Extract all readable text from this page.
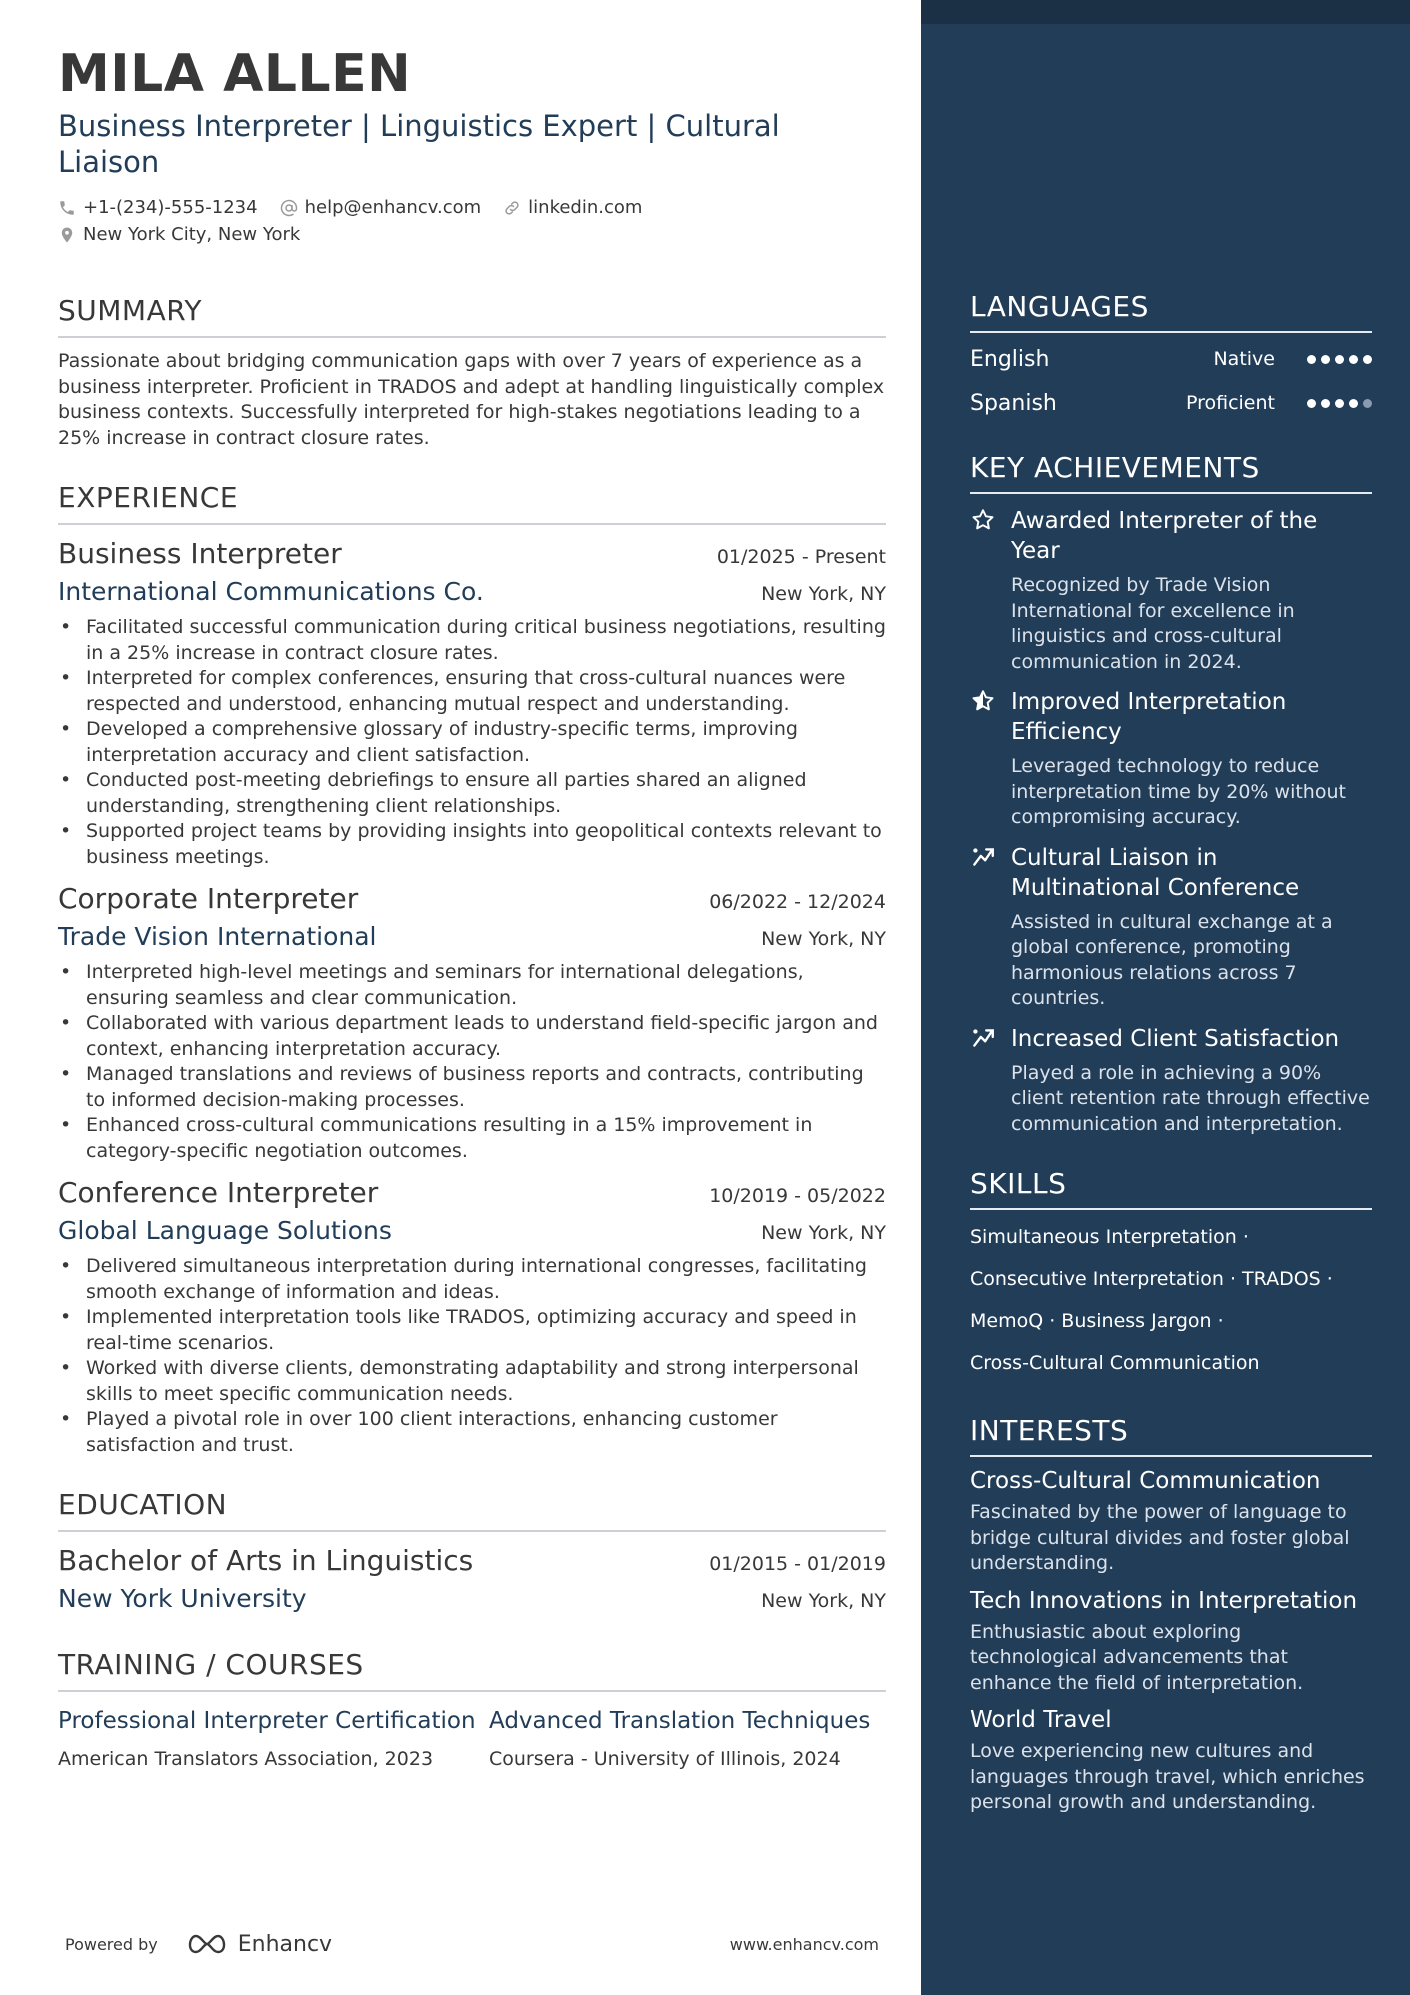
MILA ALLEN
Business Interpreter | Linguistics Expert | Cultural Liaison
+1-(234)-555-1234	help@enhancv.com	linkedin.com
New York City, New York
SUMMARY
Passionate about bridging communication gaps with over 7 years of experience as a business interpreter. Proficient in TRADOS and adept at handling linguistically complex business contexts. Successfully interpreted for high-stakes negotiations leading to a 25% increase in contract closure rates.
EXPERIENCE
Business Interpreter	01/2025 - Present
International Communications Co.	New York, NY
• Facilitated successful communication during critical business negotiations, resulting in a 25% increase in contract closure rates.
• Interpreted for complex conferences, ensuring that cross-cultural nuances were respected and understood, enhancing mutual respect and understanding.
• Developed a comprehensive glossary of industry-specific terms, improving interpretation accuracy and client satisfaction.
• Conducted post-meeting debriefings to ensure all parties shared an aligned understanding, strengthening client relationships.
• Supported project teams by providing insights into geopolitical contexts relevant to business meetings.
Corporate Interpreter	06/2022 - 12/2024
Trade Vision International	New York, NY
• Interpreted high-level meetings and seminars for international delegations, ensuring seamless and clear communication.
• Collaborated with various department leads to understand field-specific jargon and context, enhancing interpretation accuracy.
• Managed translations and reviews of business reports and contracts, contributing to informed decision-making processes.
• Enhanced cross-cultural communications resulting in a 15% improvement in category-specific negotiation outcomes.
Conference Interpreter	10/2019 - 05/2022
Global Language Solutions	New York, NY
• Delivered simultaneous interpretation during international congresses, facilitating smooth exchange of information and ideas.
• Implemented interpretation tools like TRADOS, optimizing accuracy and speed in real-time scenarios.
• Worked with diverse clients, demonstrating adaptability and strong interpersonal skills to meet specific communication needs.
• Played a pivotal role in over 100 client interactions, enhancing customer satisfaction and trust.
EDUCATION
Bachelor of Arts in Linguistics	01/2015 - 01/2019
New York University	New York, NY
TRAINING / COURSES
Professional Interpreter Certification
American Translators Association, 2023
Advanced Translation Techniques
Coursera - University of Illinois, 2024
Powered by	Enhancv	www.enhancv.com
LANGUAGES
English	Native
Spanish	Proficient
KEY ACHIEVEMENTS
Awarded Interpreter of the Year
Recognized by Trade Vision International for excellence in linguistics and cross-cultural communication in 2024.
Improved Interpretation Efficiency
Leveraged technology to reduce interpretation time by 20% without compromising accuracy.
Cultural Liaison in Multinational Conference
Assisted in cultural exchange at a global conference, promoting harmonious relations across 7 countries.
Increased Client Satisfaction
Played a role in achieving a 90% client retention rate through effective communication and interpretation.
SKILLS
Simultaneous Interpretation ·
Consecutive Interpretation · TRADOS ·
MemoQ · Business Jargon ·
Cross-Cultural Communication
INTERESTS
Cross-Cultural Communication
Fascinated by the power of language to bridge cultural divides and foster global understanding.
Tech Innovations in Interpretation
Enthusiastic about exploring technological advancements that enhance the field of interpretation.
World Travel
Love experiencing new cultures and languages through travel, which enriches personal growth and understanding.
